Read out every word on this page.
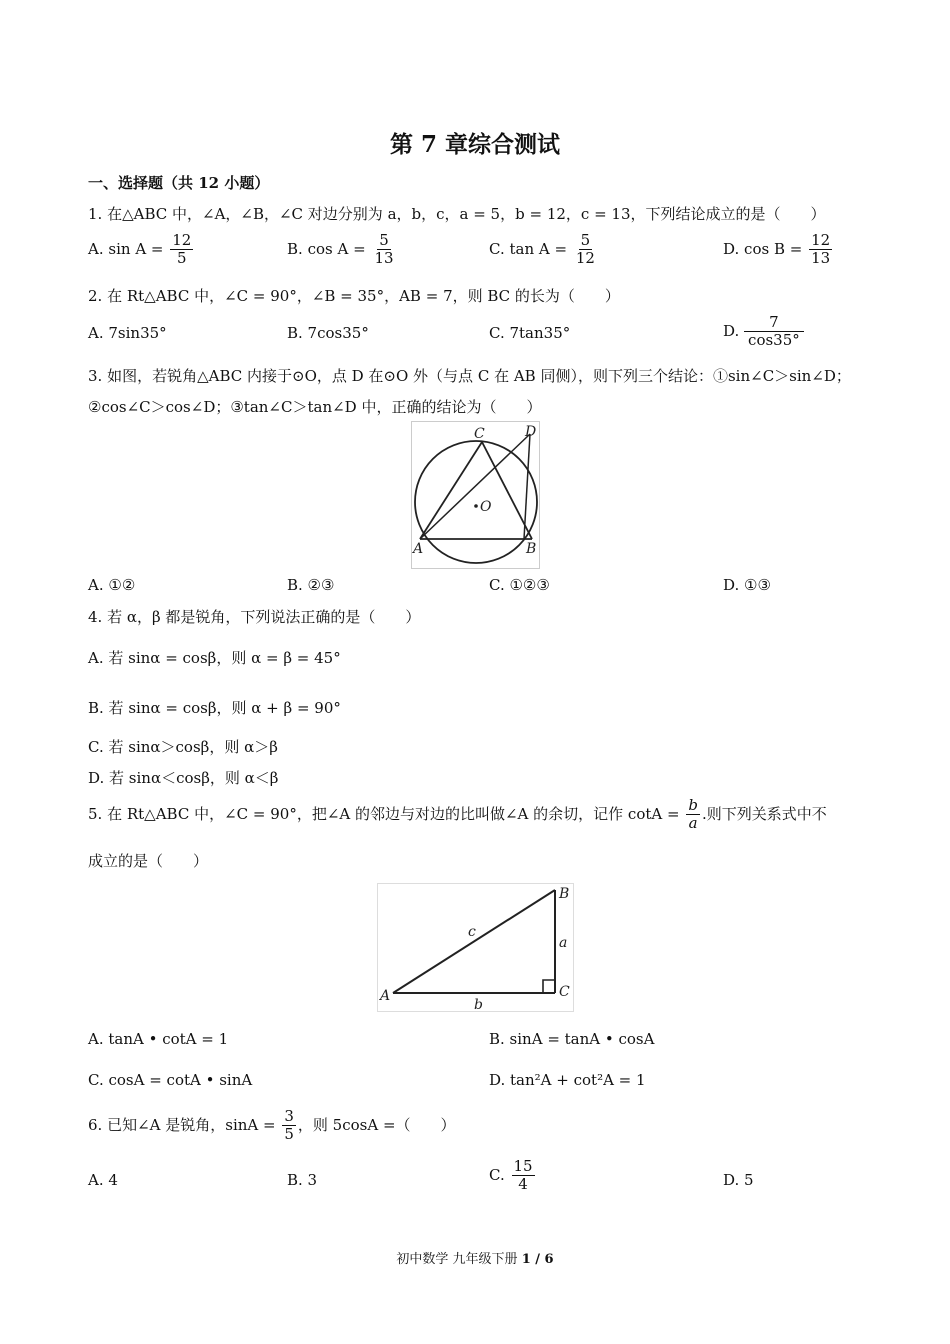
第 7 章综合测试
一、选择题（共 12 小题）
1. 在△ABC 中，∠A，∠B，∠C 对边分别为 a，b，c，a = 5，b = 12，c = 13，下列结论成立的是（　　）
A. $\sin A = \frac{12}{5}$	B. $\cos A = \frac{5}{13}$	C. $\tan A = \frac{5}{12}$	D. $\cos B = \frac{12}{13}$
2. 在 Rt△ABC 中，∠C = 90°，∠B = 35°，AB = 7，则 BC 的长为（　　）
A. 7sin35°	B. 7cos35°	C. 7tan35°	D. $\frac{7}{\cos 35^\circ}$
3. 如图，若锐角△ABC 内接于⊙O，点 D 在⊙O 外（与点 C 在 AB 同侧），则下列三个结论：①sin∠C＞sin∠D；
②cos∠C＞cos∠D；③tan∠C＞tan∠D 中，正确的结论为（　　）
O
C	D
A	B
A. ①②	B. ②③	C. ①②③	D. ①③
4. 若 α，β 都是锐角，下列说法正确的是（　　）
A. 若 sinα = cosβ，则 α = β = 45°
B. 若 sinα = cosβ，则 α + β = 90°
C. 若 sinα＞cosβ，则 α＞β
D. 若 sinα＜cosβ，则 α＜β
5. 在 Rt△ABC 中，∠C = 90°，把∠A 的邻边与对边的比叫做∠A 的余切，记作 $\cot A = \frac{b}{a}$ .则下列关系式中不
成立的是（　　）
A
B
C
c
a
b
A. tanA • cotA = 1	B. sinA = tanA • cosA
C. cosA = cotA • sinA	D. tan²A + cot²A = 1
6. 已知∠A 是锐角，$\sin A = \frac{3}{5}$ ，则 5cosA =（　　）
A. 4	B. 3	C. $\frac{15}{4}$	D. 5
初中数学 九年级下册 1 / 6
